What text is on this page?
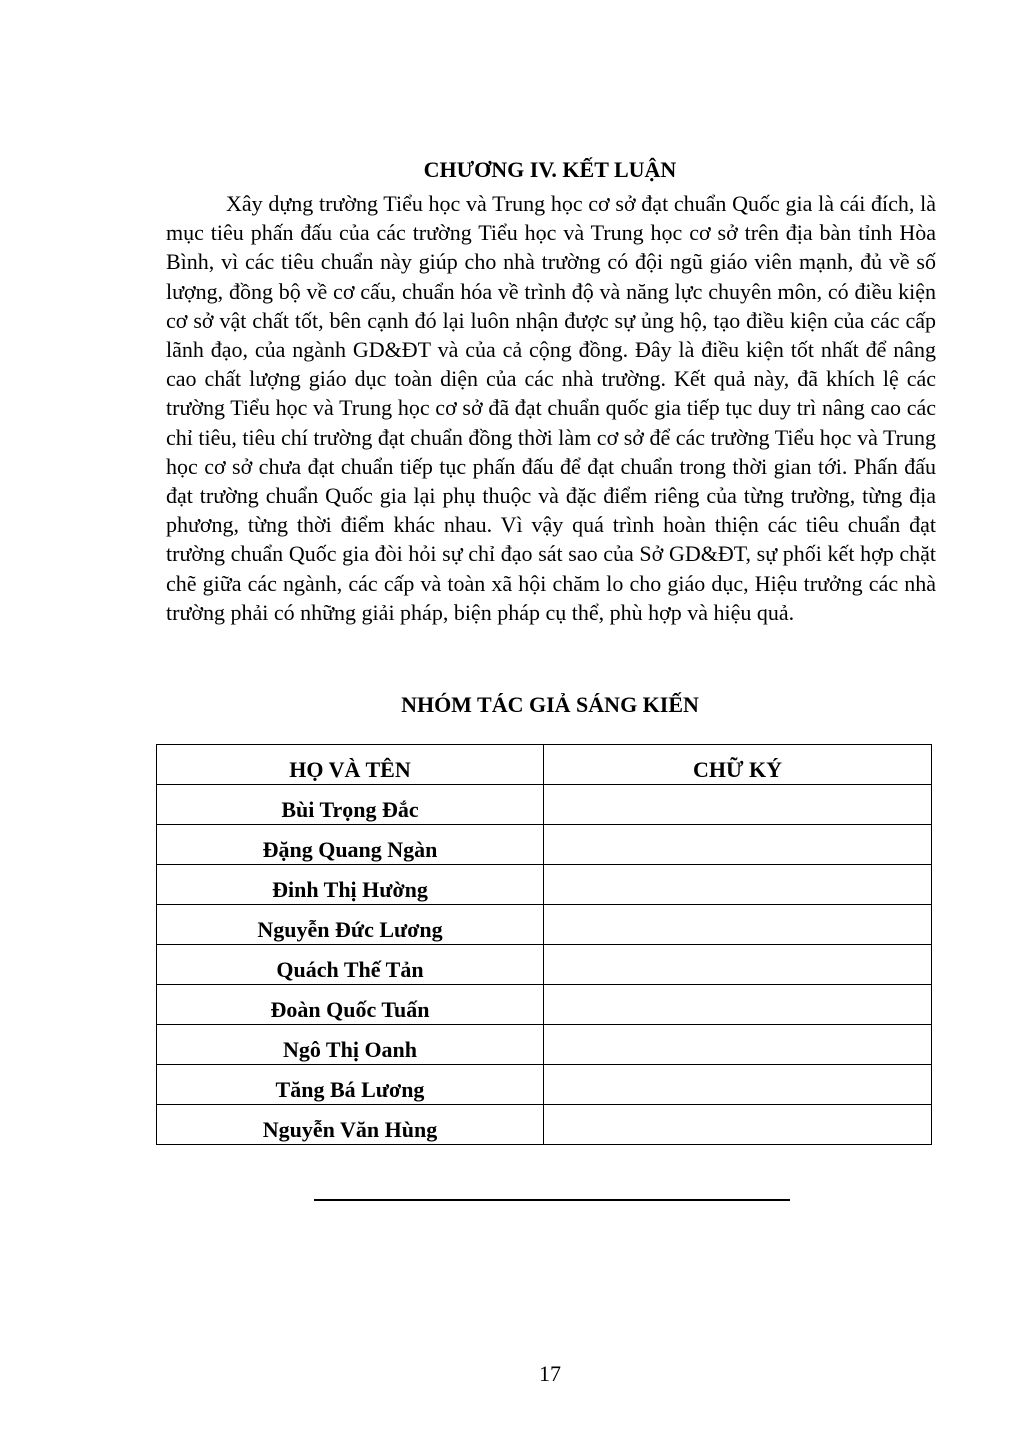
CHƯƠNG IV. KẾT LUẬN

Xây dựng trường Tiểu học và Trung học cơ sở đạt chuẩn Quốc gia là cái đích, là mục tiêu phấn đấu của các trường Tiểu học và Trung học cơ sở trên địa bàn tỉnh Hòa Bình, vì các tiêu chuẩn này giúp cho nhà trường có đội ngũ giáo viên mạnh, đủ về số lượng, đồng bộ về cơ cấu, chuẩn hóa về trình độ và năng lực chuyên môn, có điều kiện cơ sở vật chất tốt, bên cạnh đó lại luôn nhận được sự ủng hộ, tạo điều kiện của các cấp lãnh đạo, của ngành GD&ĐT và của cả cộng đồng. Đây là điều kiện tốt nhất để nâng cao chất lượng giáo dục toàn diện của các nhà trường. Kết quả này, đã khích lệ các trường Tiểu học và Trung học cơ sở đã đạt chuẩn quốc gia tiếp tục duy trì nâng cao các chỉ tiêu, tiêu chí trường đạt chuẩn đồng thời làm cơ sở để các trường Tiểu học và Trung học cơ sở chưa đạt chuẩn tiếp tục phấn đấu để đạt chuẩn trong thời gian tới. Phấn đấu đạt trường chuẩn Quốc gia lại phụ thuộc và đặc điểm riêng của từng trường, từng địa phương, từng thời điểm khác nhau. Vì vậy quá trình hoàn thiện các tiêu chuẩn đạt trường chuẩn Quốc gia đòi hỏi sự chỉ đạo sát sao của Sở GD&ĐT, sự phối kết hợp chặt chẽ giữa các ngành, các cấp và toàn xã hội chăm lo cho giáo dục, Hiệu trưởng các nhà trường phải có những giải pháp, biện pháp cụ thể, phù hợp và hiệu quả.

NHÓM TÁC GIẢ SÁNG KIẾN
HỌ VÀ TÊN	CHỮ KÝ
Bùi Trọng Đắc	
Đặng Quang Ngàn	
Đinh Thị Hường	
Nguyễn Đức Lương	
Quách Thế Tản	
Đoàn Quốc Tuấn	
Ngô Thị Oanh	
Tăng Bá Lương	
Nguyễn Văn Hùng	
17
